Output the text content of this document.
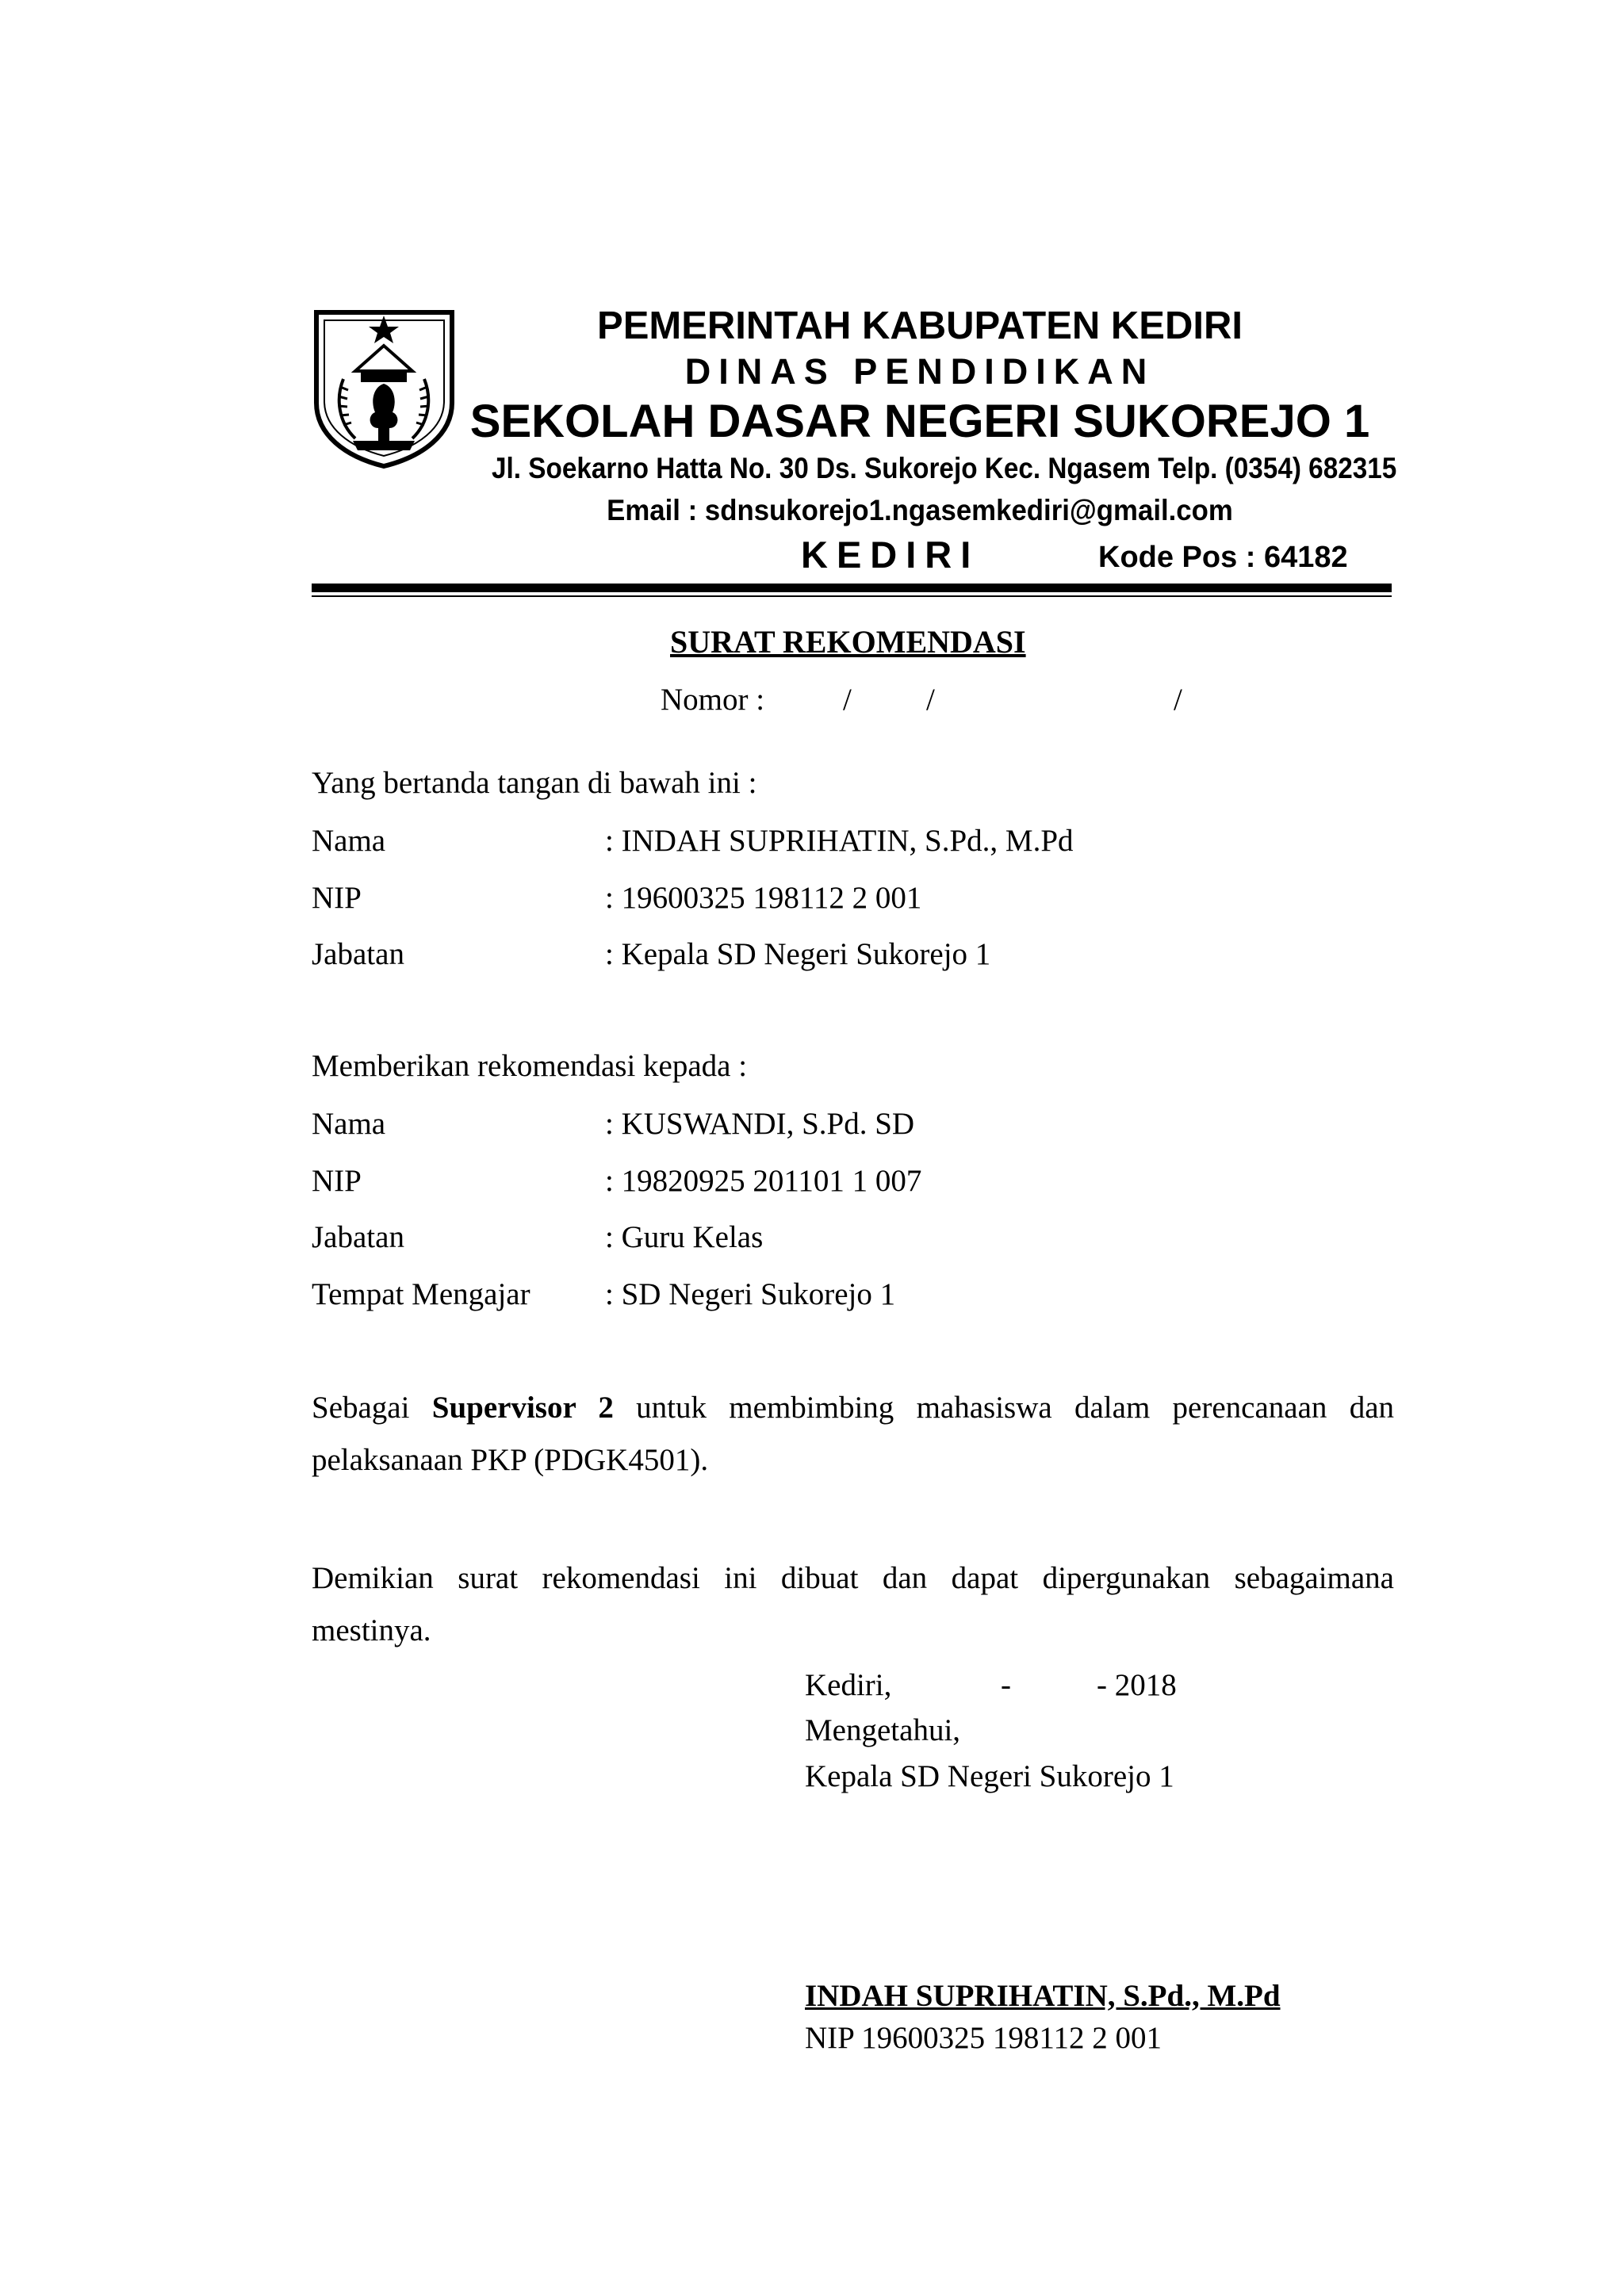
PEMERINTAH KABUPATEN KEDIRI
DINAS PENDIDIKAN
SEKOLAH DASAR NEGERI SUKOREJO 1
Jl. Soekarno Hatta No. 30 Ds. Sukorejo Kec. Ngasem Telp. (0354) 682315
Email : sdnsukorejo1.ngasemkediri@gmail.com
KEDIRI	Kode Pos : 64182
SURAT REKOMENDASI
Nomor :	/ /	/
Yang bertanda tangan di bawah ini :
Nama	: INDAH SUPRIHATIN, S.Pd., M.Pd
NIP	: 19600325 198112 2 001
Jabatan	: Kepala SD Negeri Sukorejo 1
Memberikan rekomendasi kepada :
Nama	: KUSWANDI, S.Pd. SD
NIP	: 19820925 201101 1 007
Jabatan	: Guru Kelas
Tempat Mengajar : SD Negeri Sukorejo 1
Sebagai Supervisor 2 untuk membimbing mahasiswa dalam perencanaan dan
pelaksanaan PKP (PDGK4501).
Demikian surat rekomendasi ini dibuat dan dapat dipergunakan sebagaimana
mestinya.
Kediri,	-	- 2018
Mengetahui,
Kepala SD Negeri Sukorejo 1
INDAH SUPRIHATIN, S.Pd., M.Pd
NIP 19600325 198112 2 001
